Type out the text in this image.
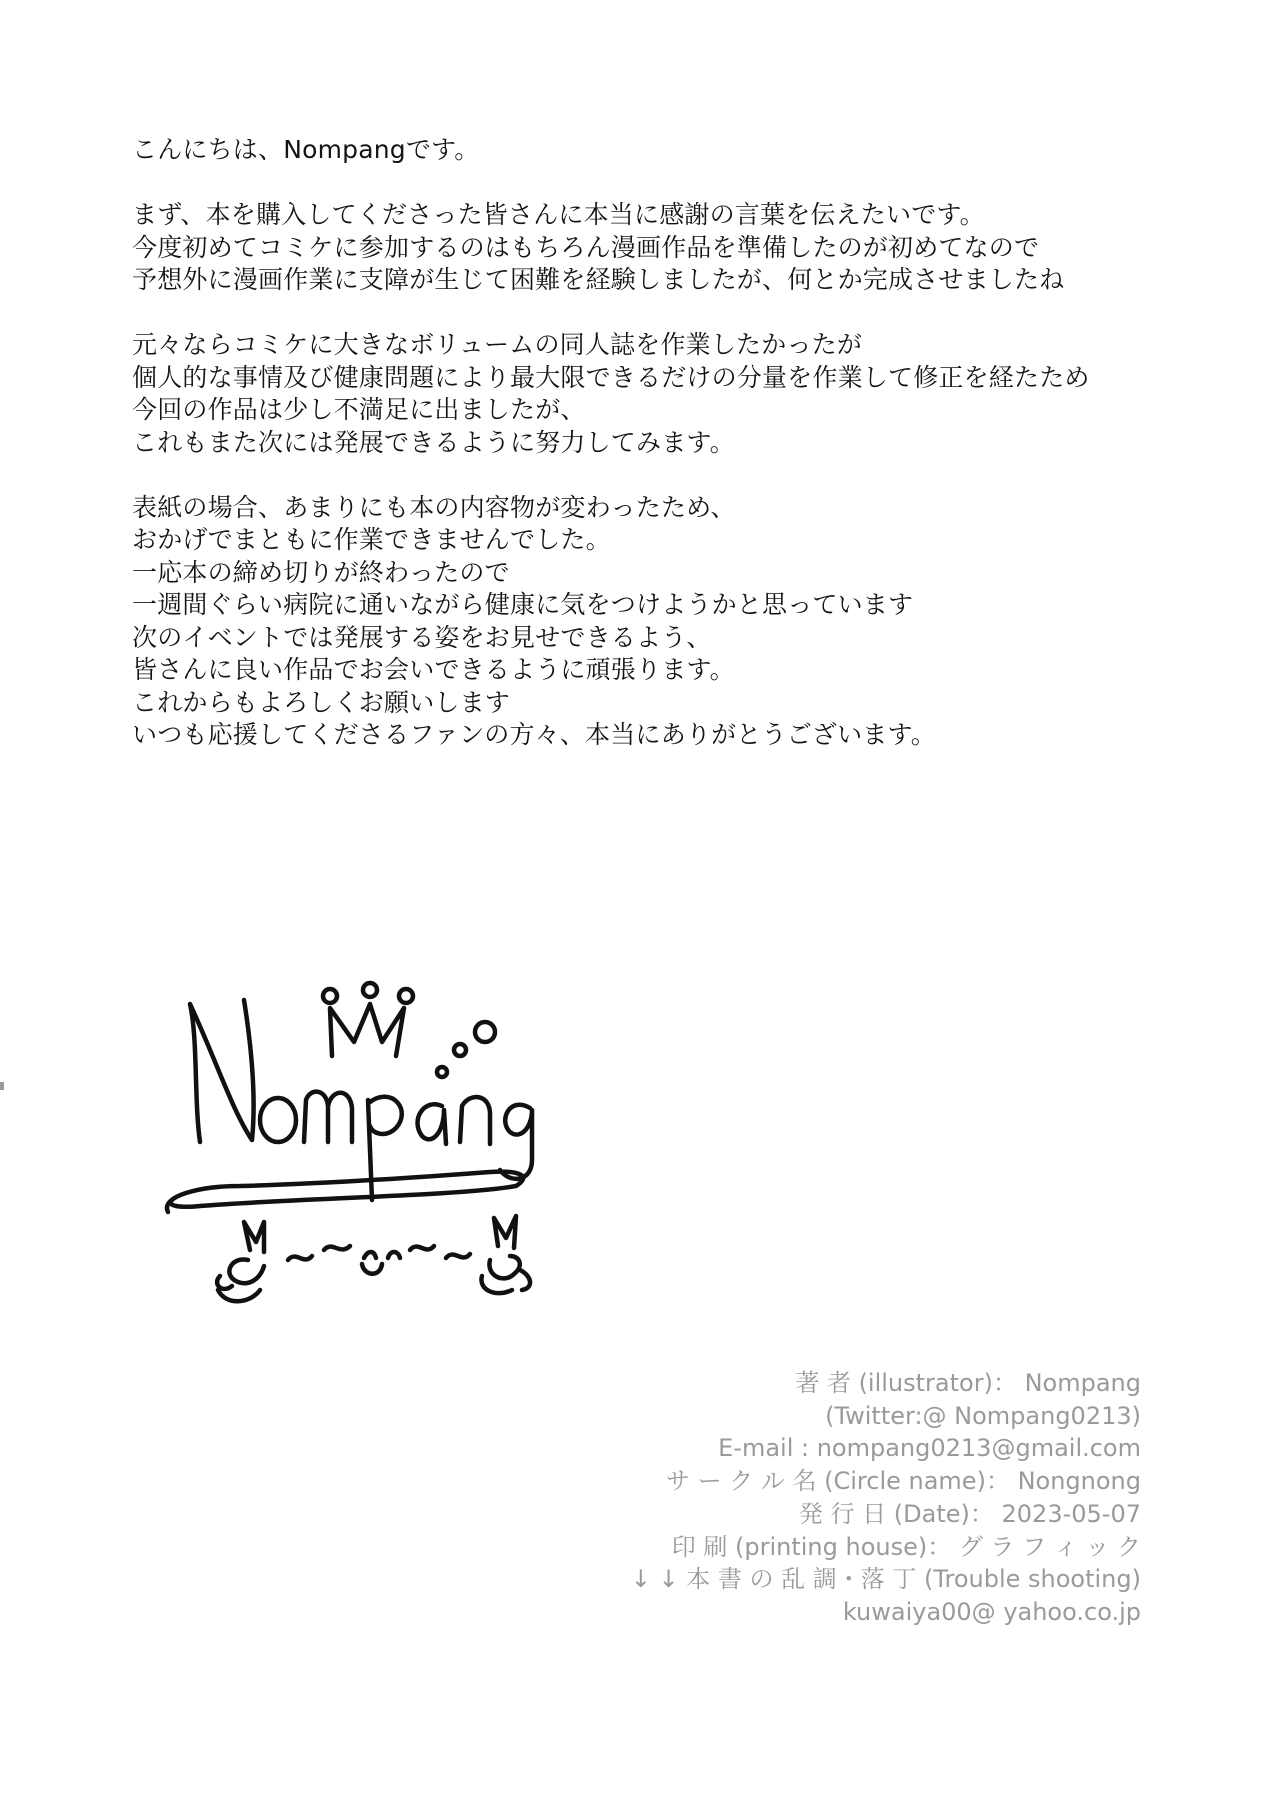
こんにちは、Nompangです。

まず、本を購入してくださった皆さんに本当に感謝の言葉を伝えたいです。
今度初めてコミケに参加するのはもちろん漫画作品を準備したのが初めてなので
予想外に漫画作業に支障が生じて困難を経験しましたが、何とか完成させましたね

元々ならコミケに大きなボリュームの同人誌を作業したかったが
個人的な事情及び健康問題により最大限できるだけの分量を作業して修正を経たため
今回の作品は少し不満足に出ましたが、
これもまた次には発展できるように努力してみます。

表紙の場合、あまりにも本の内容物が変わったため、
おかげでまともに作業できませんでした。
一応本の締め切りが終わったので
一週間ぐらい病院に通いながら健康に気をつけようかと思っています
次のイベントでは発展する姿をお見せできるよう、
皆さんに良い作品でお会いできるように頑張ります。
これからもよろしくお願いします
いつも応援してくださるファンの方々、本当にありがとうございます。

著 者 (illustrator)： Nompang
(Twitter:@ Nompang0213)
E-mail : nompang0213@gmail.com
サ ー ク ル 名 (Circle name)： Nongnong
発 行 日 (Date)： 2023-05-07
印 刷 (printing house)： グ ラ フ ィ ッ ク
↓ ↓ 本 書 の 乱 調・落 丁 (Trouble shooting)
kuwaiya00@ yahoo.co.jp
